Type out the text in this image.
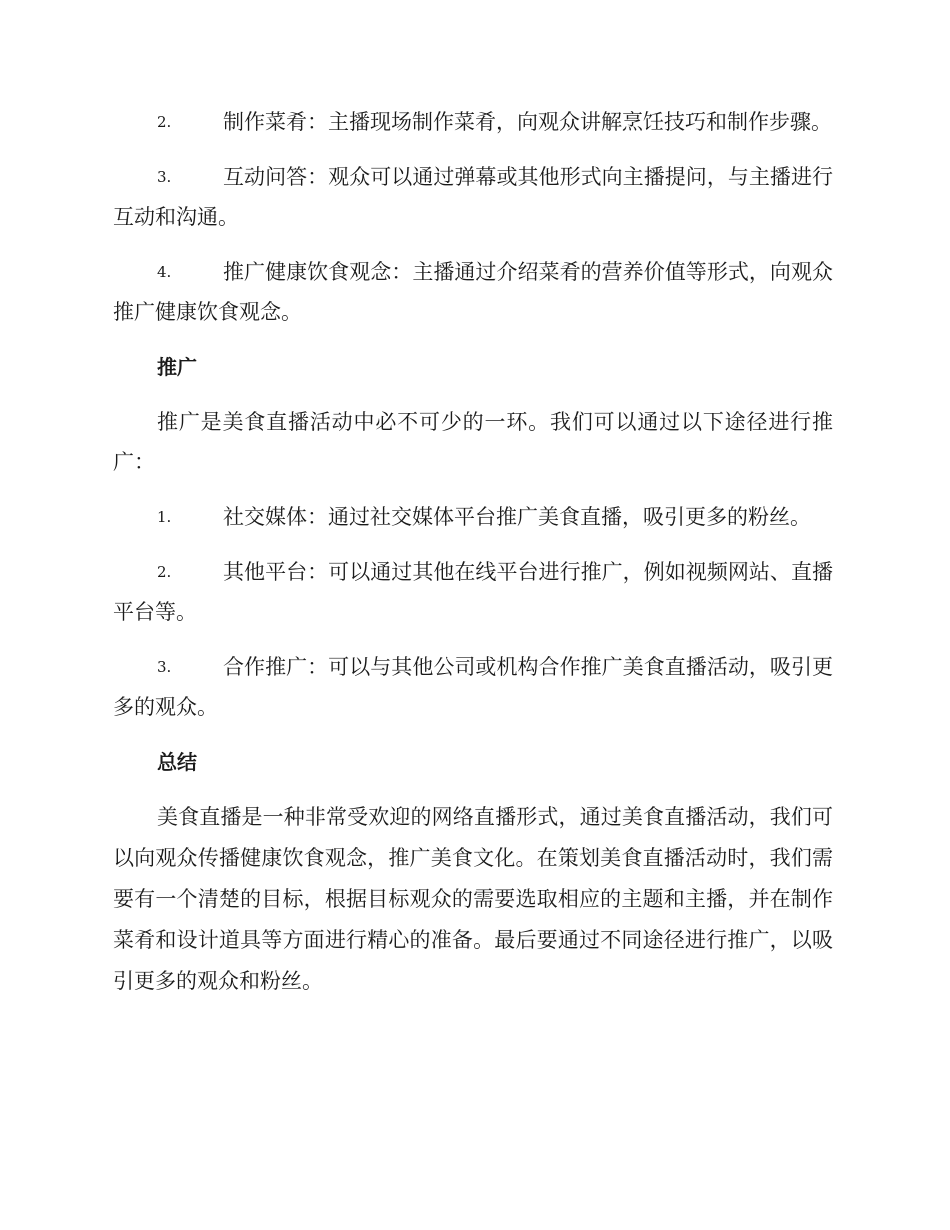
2. 制作菜肴：主播现场制作菜肴，向观众讲解烹饪技巧和制作步骤。
3. 互动问答：观众可以通过弹幕或其他形式向主播提问，与主播进行互动和沟通。
4. 推广健康饮食观念：主播通过介绍菜肴的营养价值等形式，向观众推广健康饮食观念。
推广
推广是美食直播活动中必不可少的一环。我们可以通过以下途径进行推广：
1. 社交媒体：通过社交媒体平台推广美食直播，吸引更多的粉丝。
2. 其他平台：可以通过其他在线平台进行推广，例如视频网站、直播平台等。
3. 合作推广：可以与其他公司或机构合作推广美食直播活动，吸引更多的观众。
总结
美食直播是一种非常受欢迎的网络直播形式，通过美食直播活动，我们可以向观众传播健康饮食观念，推广美食文化。在策划美食直播活动时，我们需要有一个清楚的目标，根据目标观众的需要选取相应的主题和主播，并在制作菜肴和设计道具等方面进行精心的准备。最后要通过不同途径进行推广，以吸引更多的观众和粉丝。
